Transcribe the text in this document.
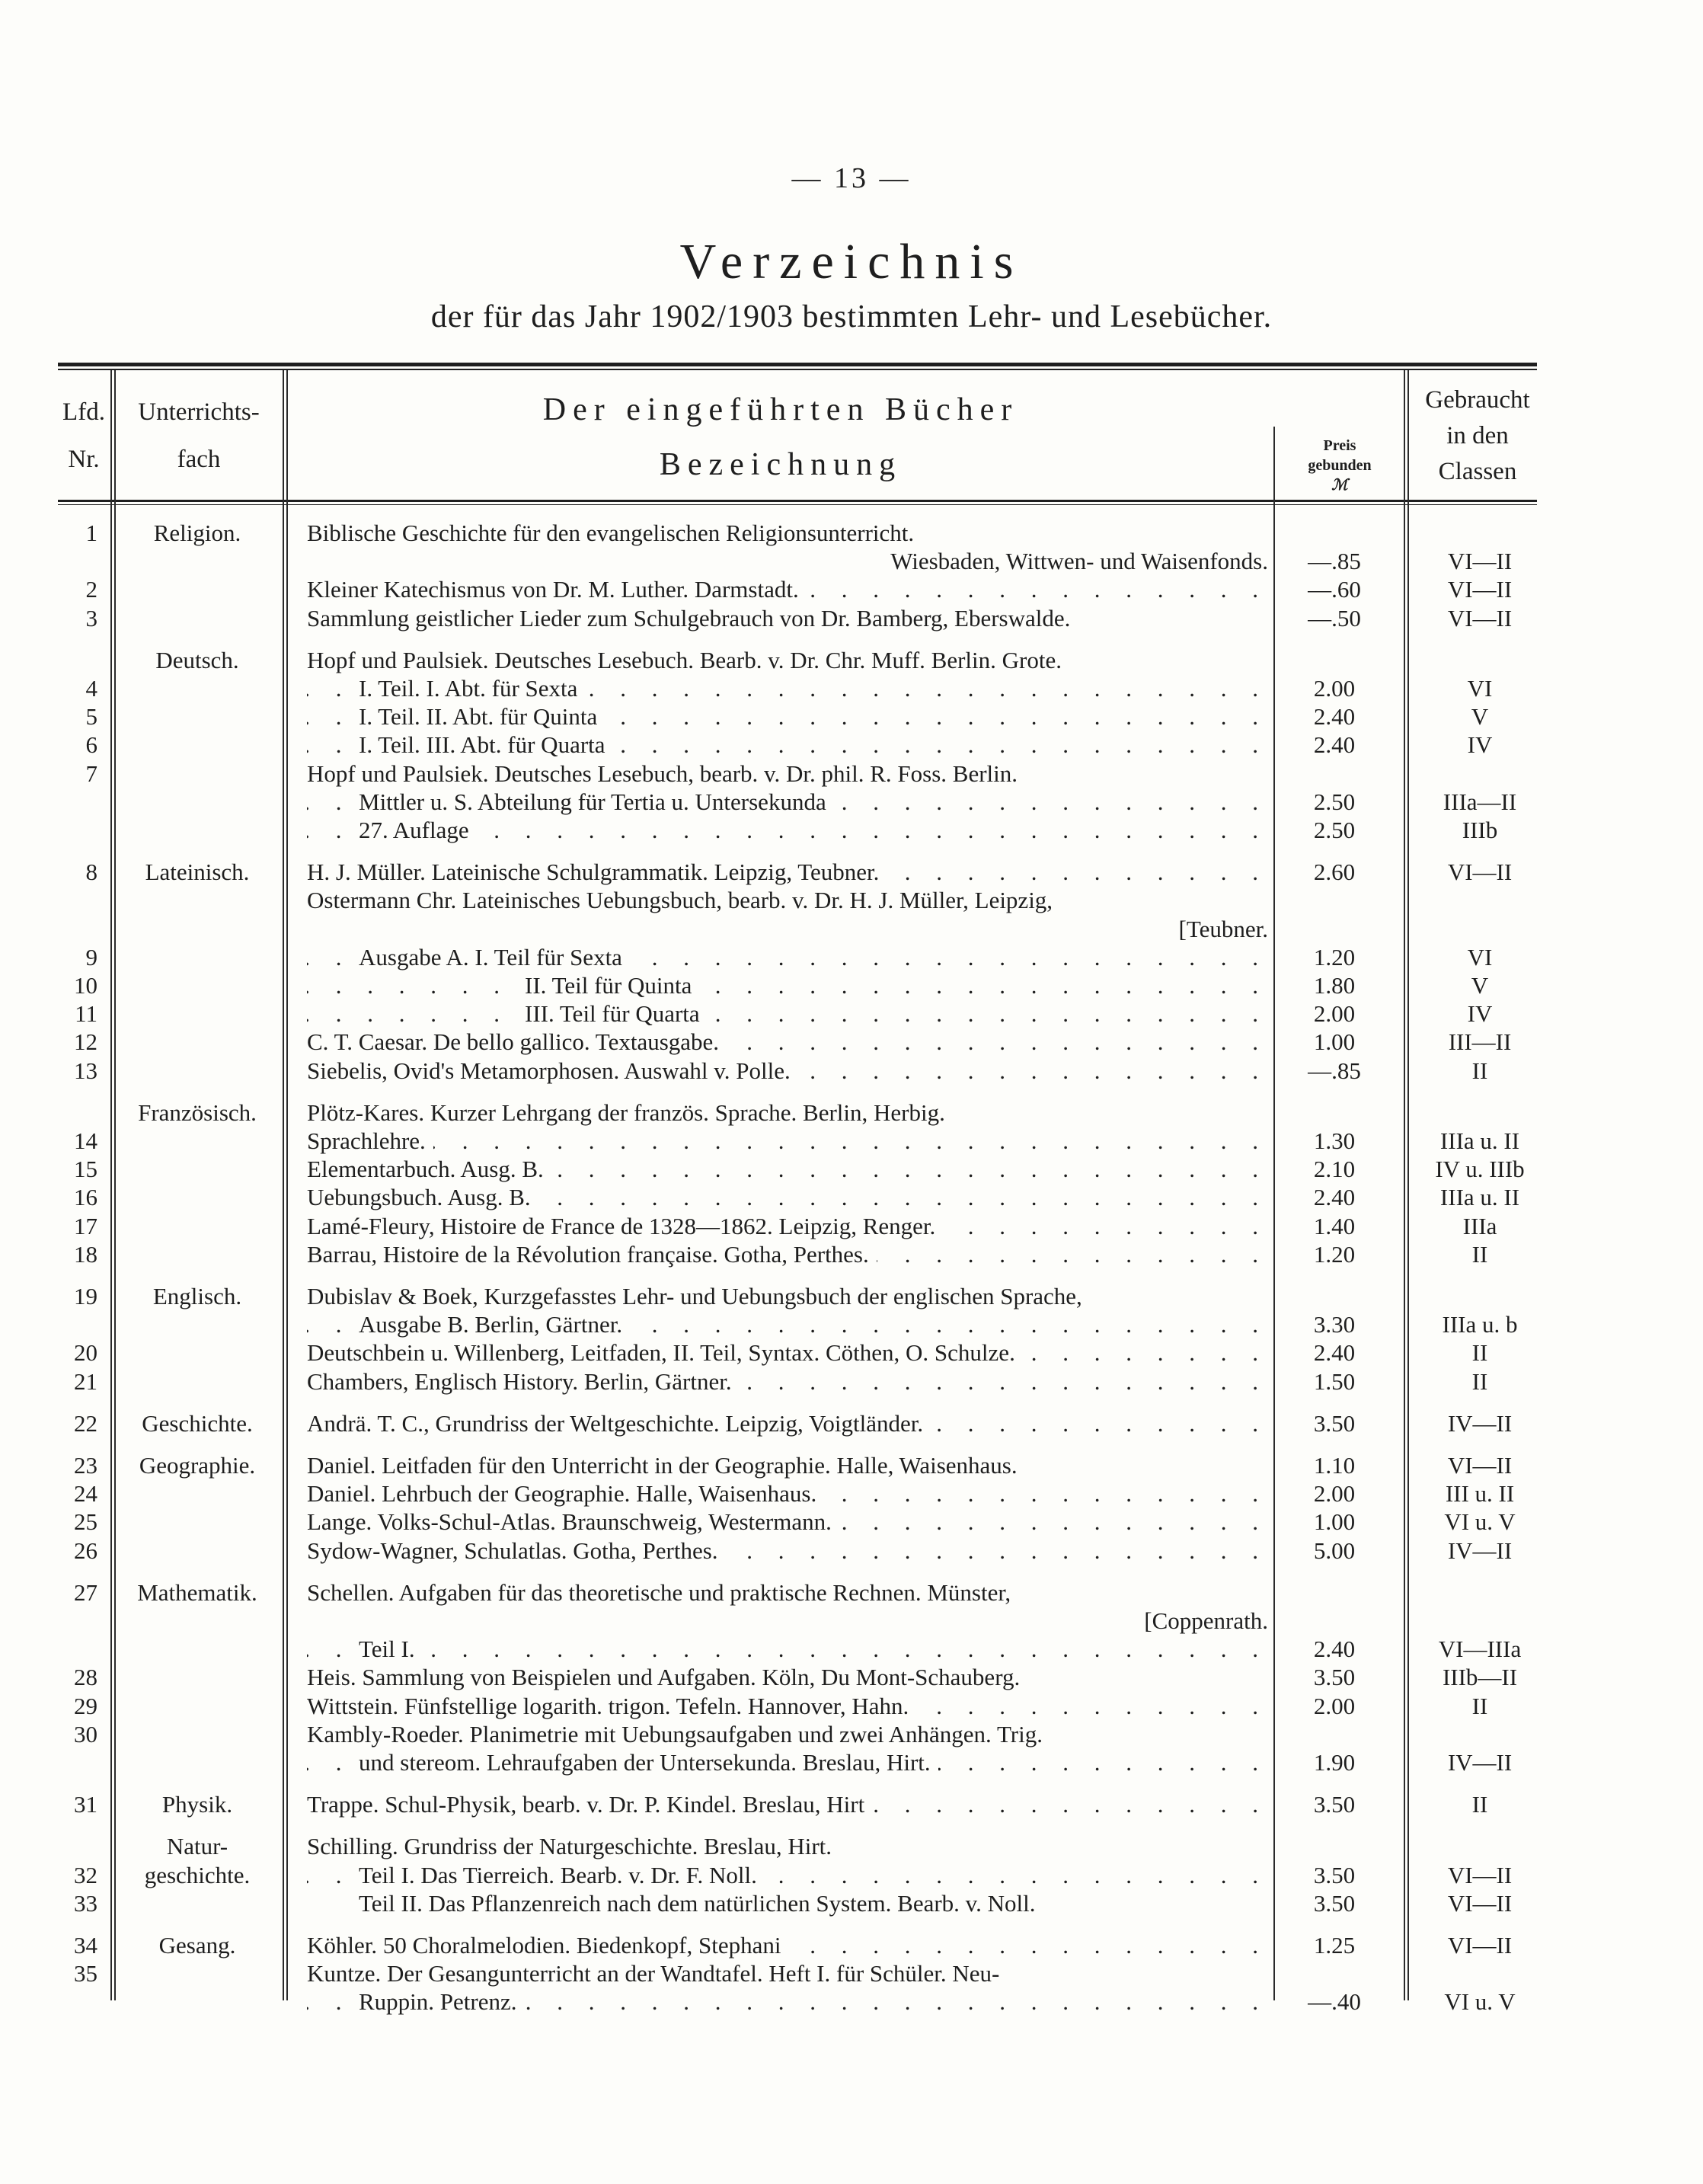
— 13 —
Verzeichnis
der für das Jahr 1902/1903 bestimmten Lehr- und Lesebücher.
Lfd.
Nr.
Unterrichts-
fach
Der eingeführten Bücher
Bezeichnung
Preis
gebunden
ℳ
Gebraucht
in den
Classen
1	Religion.	Biblische Geschichte für den evangelischen Religionsunterricht.
Wiesbaden, Wittwen- und Waisenfonds.	—.85	VI—II
2	Kleiner Katechismus von Dr. M. Luther. Darmstadt. . . .	—.60	VI—II
3	Sammlung geistlicher Lieder zum Schulgebrauch von Dr. Bamberg, Eberswalde.	—.50	VI—II
Deutsch.	Hopf und Paulsiek. Deutsches Lesebuch. Bearb. v. Dr. Chr. Muff. Berlin. Grote.
4	I. Teil. I. Abt. für Sexta . . .	2.00	VI
5	I. Teil. II. Abt. für Quinta . . .	2.40	V
6	I. Teil. III. Abt. für Quarta . . .	2.40	IV
7	Hopf und Paulsiek. Deutsches Lesebuch, bearb. v. Dr. phil. R. Foss. Berlin.
Mittler u. S. Abteilung für Tertia u. Untersekunda . . .	2.50	IIIa—II
27. Auflage . . .	2.50	IIIb
8	Lateinisch.	H. J. Müller. Lateinische Schulgrammatik. Leipzig, Teubner. . . .	2.60	VI—II
Ostermann Chr. Lateinisches Uebungsbuch, bearb. v. Dr. H. J. Müller, Leipzig,
[Teubner.
9	Ausgabe A. I. Teil für Sexta . . .	1.20	VI
10	II. Teil für Quinta . . .	1.80	V
11	III. Teil für Quarta . . .	2.00	IV
12	C. T. Caesar. De bello gallico. Textausgabe. . . .	1.00	III—II
13	Siebelis, Ovid's Metamorphosen. Auswahl v. Polle. . . .	—.85	II
Französisch.	Plötz-Kares. Kurzer Lehrgang der französ. Sprache. Berlin, Herbig.
14	Sprachlehre. . . .	1.30	IIIa u. II
15	Elementarbuch. Ausg. B. . . .	2.10	IV u. IIIb
16	Uebungsbuch. Ausg. B. . . .	2.40	IIIa u. II
17	Lamé-Fleury, Histoire de France de 1328—1862. Leipzig, Renger. . . .	1.40	IIIa
18	Barrau, Histoire de la Révolution française. Gotha, Perthes. . . .	1.20	II
19	Englisch.	Dubislav & Boek, Kurzgefasstes Lehr- und Uebungsbuch der englischen Sprache,
Ausgabe B. Berlin, Gärtner. . . .	3.30	IIIa u. b
20	Deutschbein u. Willenberg, Leitfaden, II. Teil, Syntax. Cöthen, O. Schulze. . . .	2.40	II
21	Chambers, Englisch History. Berlin, Gärtner. . . .	1.50	II
22	Geschichte.	Andrä. T. C., Grundriss der Weltgeschichte. Leipzig, Voigtländer. . . .	3.50	IV—II
23	Geographie.	Daniel. Leitfaden für den Unterricht in der Geographie. Halle, Waisenhaus.	1.10	VI—II
24	Daniel. Lehrbuch der Geographie. Halle, Waisenhaus. . . .	2.00	III u. II
25	Lange. Volks-Schul-Atlas. Braunschweig, Westermann. . . .	1.00	VI u. V
26	Sydow-Wagner, Schulatlas. Gotha, Perthes. . . .	5.00	IV—II
27	Mathematik.	Schellen. Aufgaben für das theoretische und praktische Rechnen. Münster,
[Coppenrath.
Teil I. . . .	2.40	VI—IIIa
28	Heis. Sammlung von Beispielen und Aufgaben. Köln, Du Mont-Schauberg.	3.50	IIIb—II
29	Wittstein. Fünfstellige logarith. trigon. Tefeln. Hannover, Hahn. . . .	2.00	II
30	Kambly-Roeder. Planimetrie mit Uebungsaufgaben und zwei Anhängen. Trig.
und stereom. Lehraufgaben der Untersekunda. Breslau, Hirt. . . .	1.90	IV—II
31	Physik.	Trappe. Schul-Physik, bearb. v. Dr. P. Kindel. Breslau, Hirt . . .	3.50	II
Natur-	Schilling. Grundriss der Naturgeschichte. Breslau, Hirt.
32	geschichte.	Teil I. Das Tierreich. Bearb. v. Dr. F. Noll. . . .	3.50	VI—II
33	Teil II. Das Pflanzenreich nach dem natürlichen System. Bearb. v. Noll.	3.50	VI—II
34	Gesang.	Köhler. 50 Choralmelodien. Biedenkopf, Stephani . . .	1.25	VI—II
35	Kuntze. Der Gesangunterricht an der Wandtafel. Heft I. für Schüler. Neu-
Ruppin. Petrenz. . . .	—.40	VI u. V
